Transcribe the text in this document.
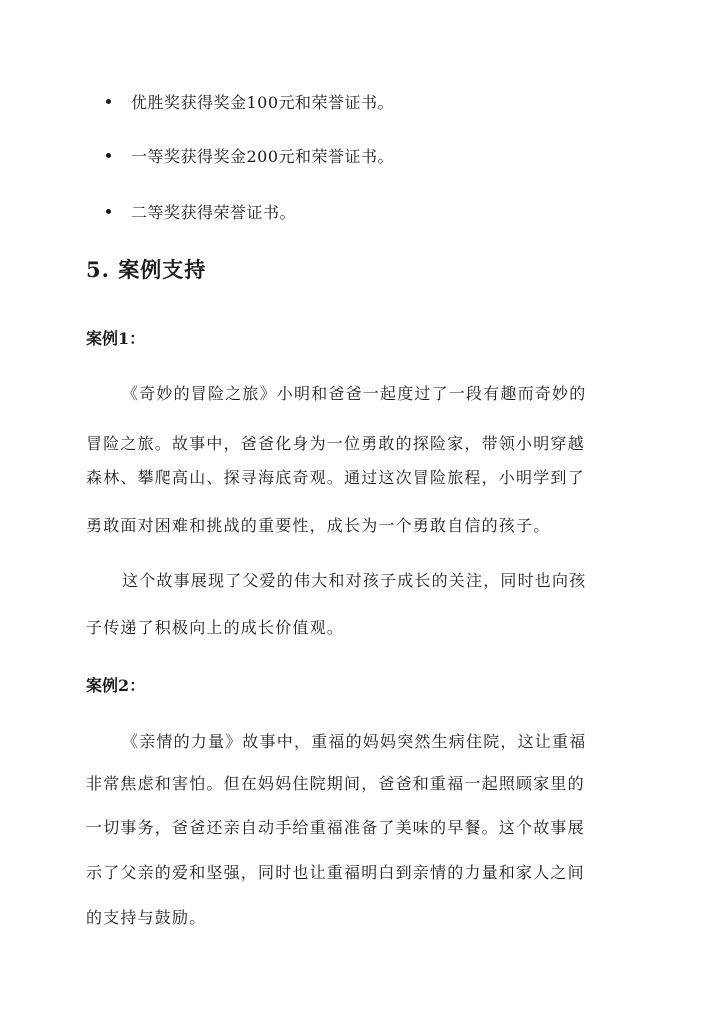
优胜奖获得奖金100元和荣誉证书。
一等奖获得奖金200元和荣誉证书。
二等奖获得荣誉证书。
5. 案例支持
案例1：
《奇妙的冒险之旅》小明和爸爸一起度过了一段有趣而奇妙的
冒险之旅。故事中，爸爸化身为一位勇敢的探险家，带领小明穿越
森林、攀爬高山、探寻海底奇观。通过这次冒险旅程，小明学到了
勇敢面对困难和挑战的重要性，成长为一个勇敢自信的孩子。
这个故事展现了父爱的伟大和对孩子成长的关注，同时也向孩
子传递了积极向上的成长价值观。
案例2：
《亲情的力量》故事中，重福的妈妈突然生病住院，这让重福
非常焦虑和害怕。但在妈妈住院期间，爸爸和重福一起照顾家里的
一切事务，爸爸还亲自动手给重福准备了美味的早餐。这个故事展
示了父亲的爱和坚强，同时也让重福明白到亲情的力量和家人之间
的支持与鼓励。
